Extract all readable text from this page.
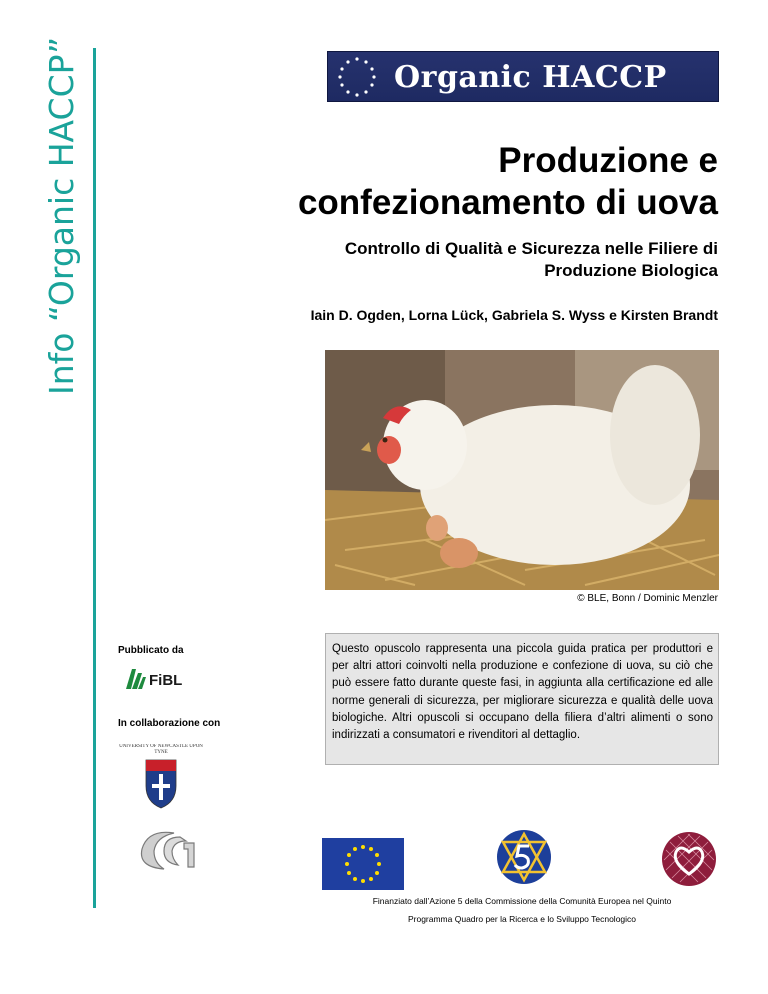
Info “Organic HACCP”	Organic HACCP
Produzione e
confezionamento di uova
Controllo di Qualità e Sicurezza nelle Filiere di
Produzione Biologica
Iain D. Ogden, Lorna Lück, Gabriela S. Wyss e Kirsten Brandt
© BLE, Bonn / Dominic Menzler
Pubblicato da
FiBL
In collaborazione con
UNIVERSITY OF NEWCASTLE UPON TYNE
Questo opuscolo rappresenta una piccola guida pratica per produttori e per altri attori coinvolti nella produzione e confezione di uova, su ciò che può essere fatto durante queste fasi, in aggiunta alla certificazione ed alle norme generali di sicurezza, per migliorare sicurezza e qualità delle uova biologiche. Altri opuscoli si occupano della filiera d’altri alimenti o sono indirizzati a consumatori e rivenditori al dettaglio.
Finanziato dall’Azione 5 della Commissione della Comunità Europea nel Quinto
Programma Quadro per la Ricerca e lo Sviluppo Tecnologico
